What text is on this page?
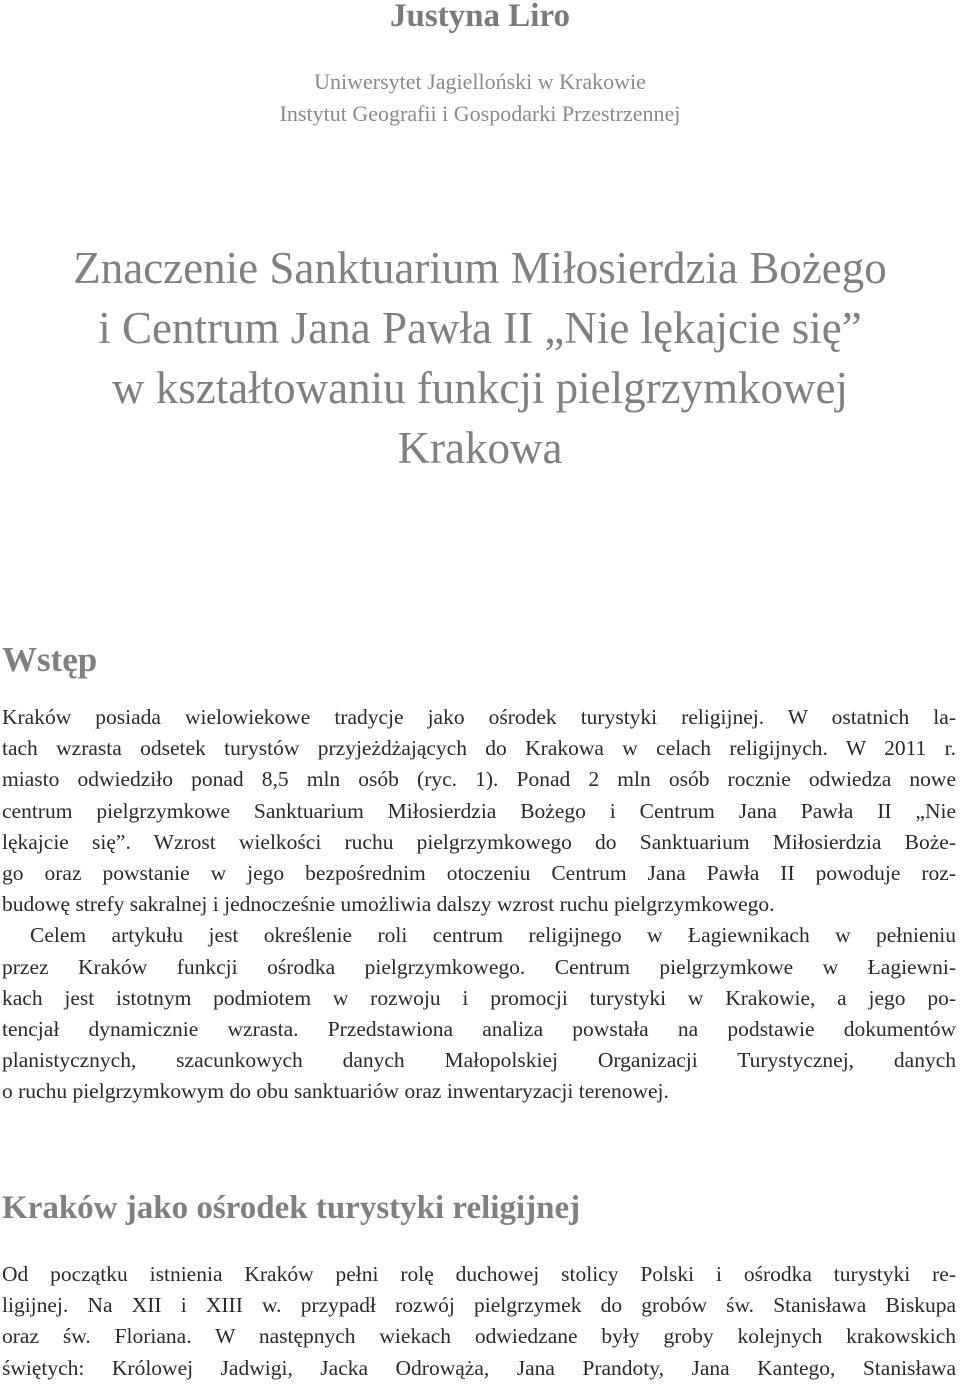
Justyna Liro
Uniwersytet Jagielloński w Krakowie
Instytut Geografii i Gospodarki Przestrzennej
Znaczenie Sanktuarium Miłosierdzia Bożego
i Centrum Jana Pawła II „Nie lękajcie się”
w kształtowaniu funkcji pielgrzymkowej
Krakowa
Wstęp
Kraków posiada wielowiekowe tradycje jako ośrodek turystyki religijnej. W ostatnich la-
tach wzrasta odsetek turystów przyjeżdżających do Krakowa w celach religijnych. W 2011 r.
miasto odwiedziło ponad 8,5 mln osób (ryc. 1). Ponad 2 mln osób rocznie odwiedza nowe
centrum pielgrzymkowe Sanktuarium Miłosierdzia Bożego i Centrum Jana Pawła II „Nie
lękajcie się”. Wzrost wielkości ruchu pielgrzymkowego do Sanktuarium Miłosierdzia Boże-
go oraz powstanie w jego bezpośrednim otoczeniu Centrum Jana Pawła II powoduje roz-
budowę strefy sakralnej i jednocześnie umożliwia dalszy wzrost ruchu pielgrzymkowego.
Celem artykułu jest określenie roli centrum religijnego w Łagiewnikach w pełnieniu
przez Kraków funkcji ośrodka pielgrzymkowego. Centrum pielgrzymkowe w Łagiewni-
kach jest istotnym podmiotem w rozwoju i promocji turystyki w Krakowie, a jego po-
tencjał dynamicznie wzrasta. Przedstawiona analiza powstała na podstawie dokumentów
planistycznych, szacunkowych danych Małopolskiej Organizacji Turystycznej, danych
o ruchu pielgrzymkowym do obu sanktuariów oraz inwentaryzacji terenowej.
Kraków jako ośrodek turystyki religijnej
Od początku istnienia Kraków pełni rolę duchowej stolicy Polski i ośrodka turystyki re-
ligijnej. Na XII i XIII w. przypadł rozwój pielgrzymek do grobów św. Stanisława Biskupa
oraz św. Floriana. W następnych wiekach odwiedzane były groby kolejnych krakowskich
świętych: Królowej Jadwigi, Jacka Odrowąża, Jana Prandoty, Jana Kantego, Stanisława
